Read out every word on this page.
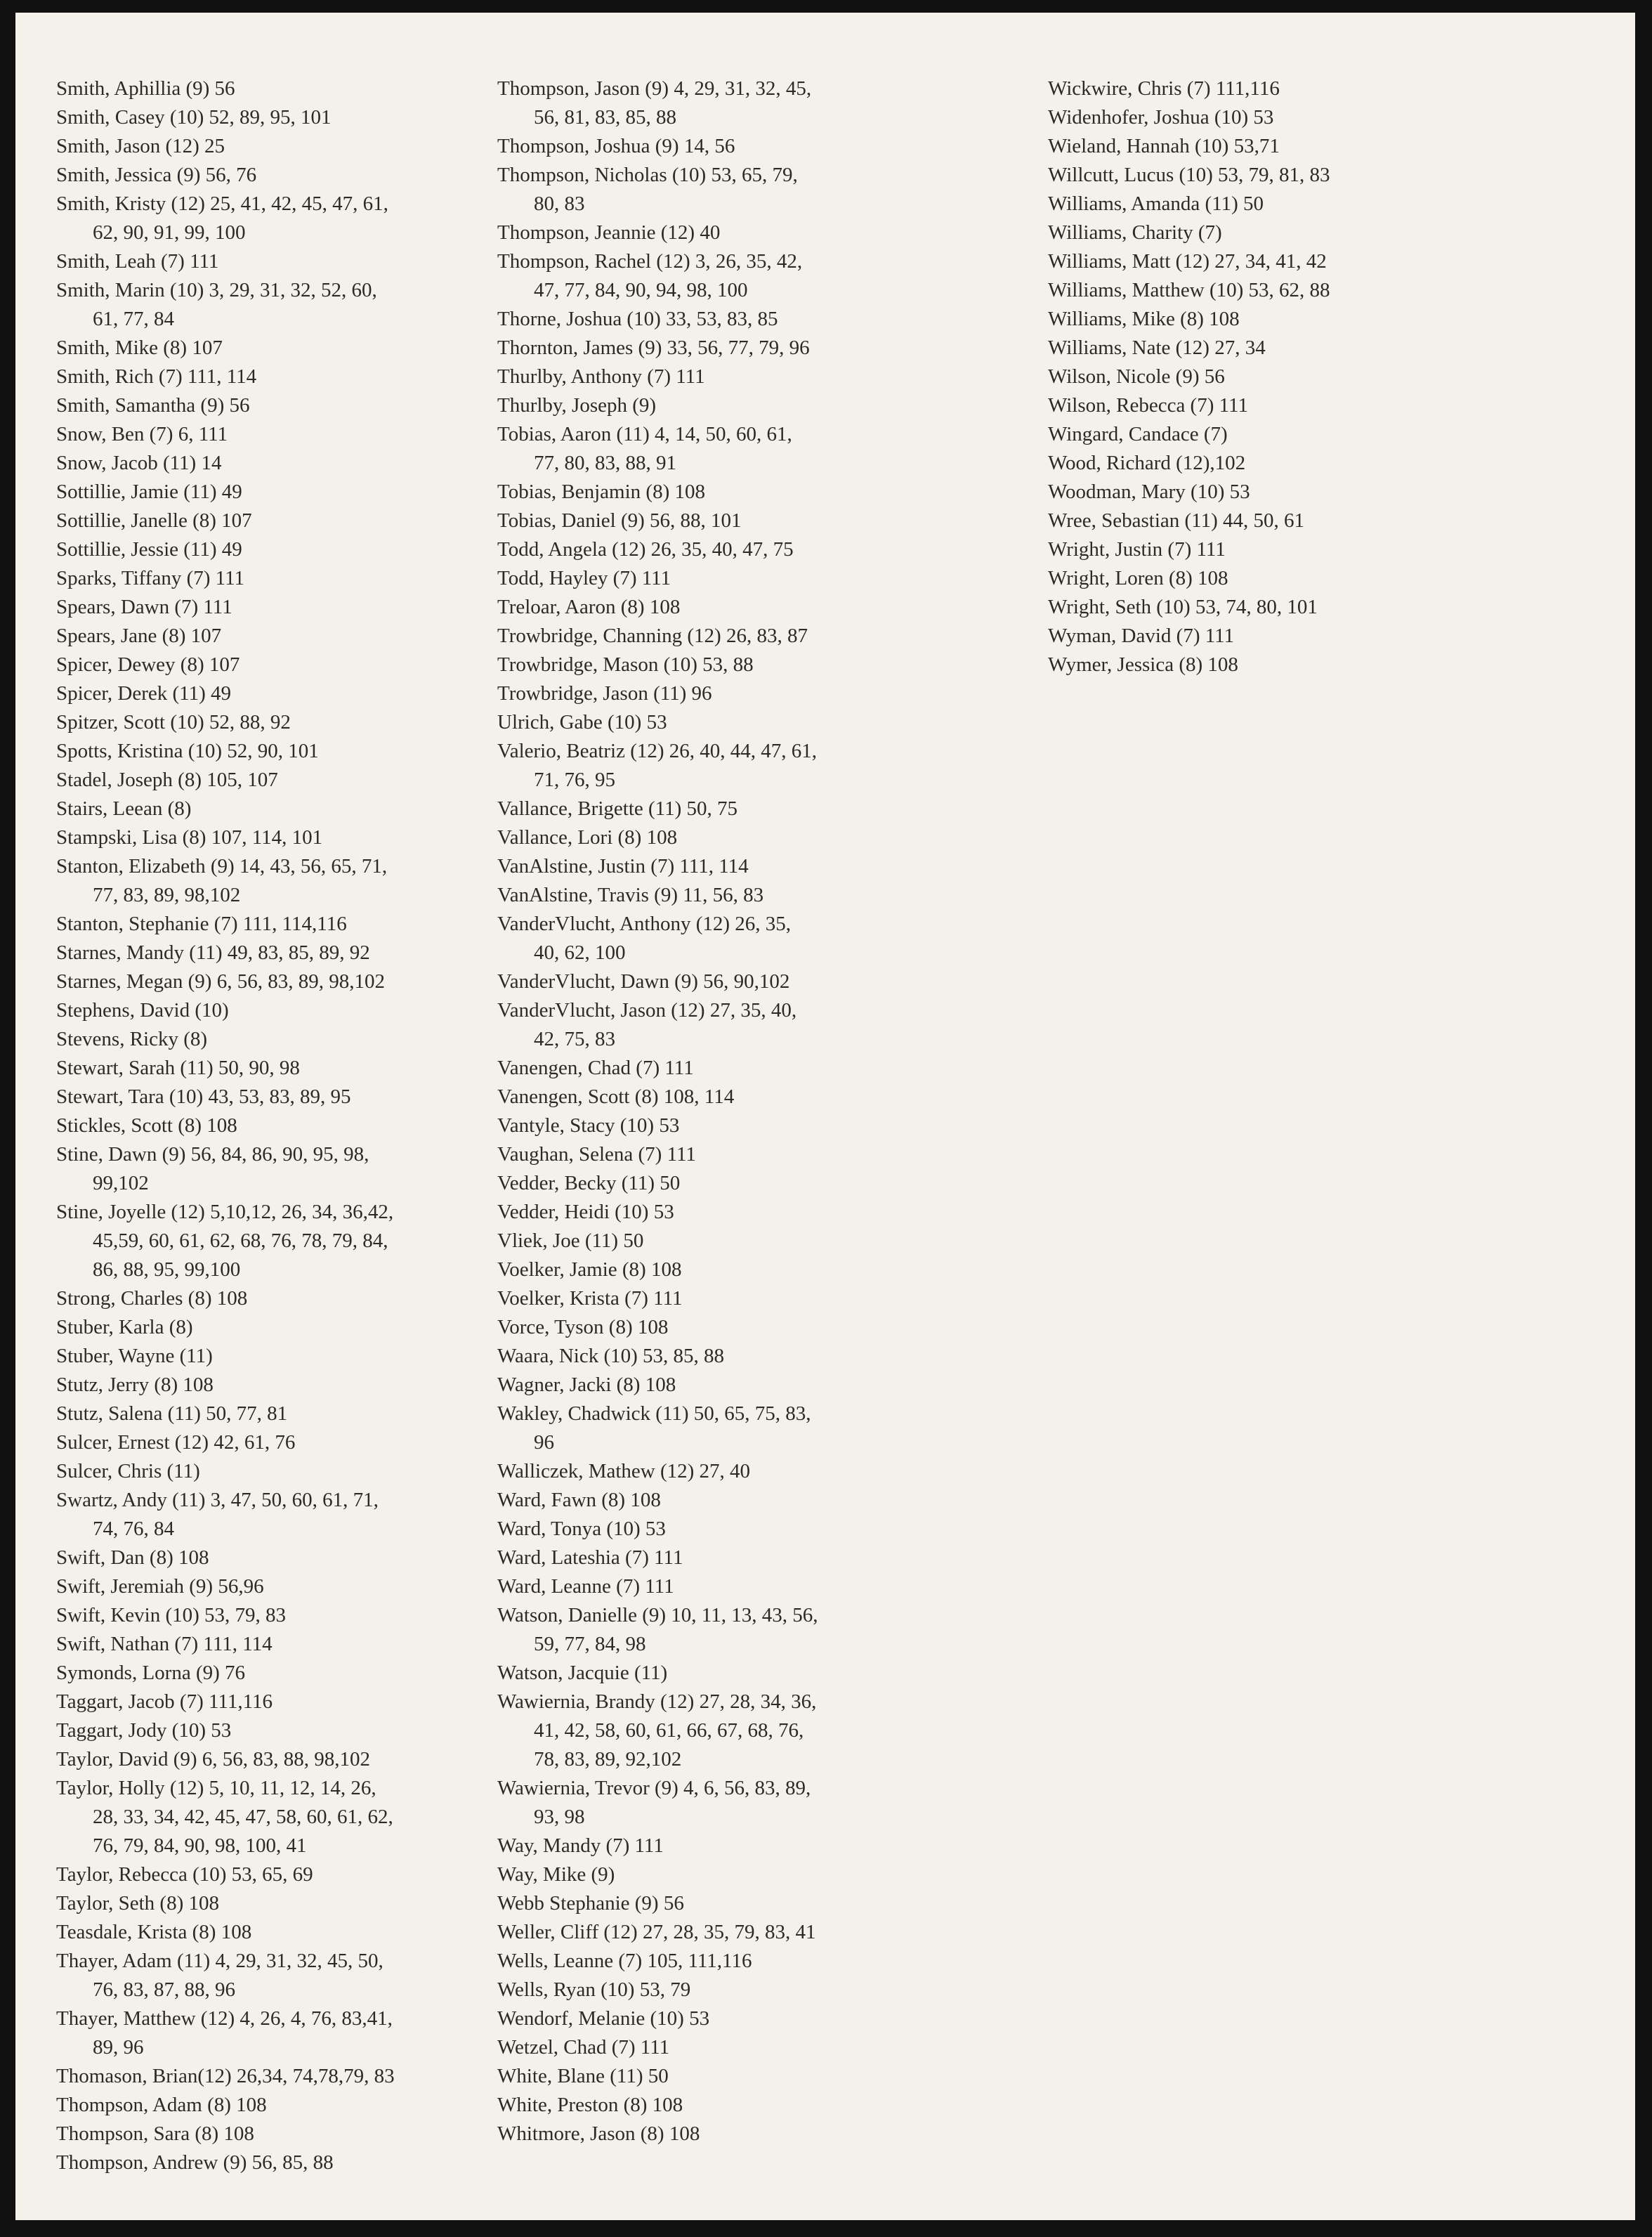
Smith, Aphillia (9) 56
Smith, Casey (10) 52, 89, 95, 101
Smith, Jason (12) 25
Smith, Jessica (9) 56, 76
Smith, Kristy (12) 25, 41, 42, 45, 47, 61,
62, 90, 91, 99, 100
Smith, Leah (7) 111
Smith, Marin (10) 3, 29, 31, 32, 52, 60,
61, 77, 84
Smith, Mike (8) 107
Smith, Rich (7) 111, 114
Smith, Samantha (9) 56
Snow, Ben (7) 6, 111
Snow, Jacob (11) 14
Sottillie, Jamie (11) 49
Sottillie, Janelle (8) 107
Sottillie, Jessie (11) 49
Sparks, Tiffany (7) 111
Spears, Dawn (7) 111
Spears, Jane (8) 107
Spicer, Dewey (8) 107
Spicer, Derek (11) 49
Spitzer, Scott (10) 52, 88, 92
Spotts, Kristina (10) 52, 90, 101
Stadel, Joseph (8) 105, 107
Stairs, Leean (8)
Stampski, Lisa (8) 107, 114, 101
Stanton, Elizabeth (9) 14, 43, 56, 65, 71,
77, 83, 89, 98,102
Stanton, Stephanie (7) 111, 114,116
Starnes, Mandy (11) 49, 83, 85, 89, 92
Starnes, Megan (9) 6, 56, 83, 89, 98,102
Stephens, David (10)
Stevens, Ricky (8)
Stewart, Sarah (11) 50, 90, 98
Stewart, Tara (10) 43, 53, 83, 89, 95
Stickles, Scott (8) 108
Stine, Dawn (9) 56, 84, 86, 90, 95, 98,
99,102
Stine, Joyelle (12) 5,10,12, 26, 34, 36,42,
45,59, 60, 61, 62, 68, 76, 78, 79, 84,
86, 88, 95, 99,100
Strong, Charles (8) 108
Stuber, Karla (8)
Stuber, Wayne (11)
Stutz, Jerry (8) 108
Stutz, Salena (11) 50, 77, 81
Sulcer, Ernest (12) 42, 61, 76
Sulcer, Chris (11)
Swartz, Andy (11) 3, 47, 50, 60, 61, 71,
74, 76, 84
Swift, Dan (8) 108
Swift, Jeremiah (9) 56,96
Swift, Kevin (10) 53, 79, 83
Swift, Nathan (7) 111, 114
Symonds, Lorna (9) 76
Taggart, Jacob (7) 111,116
Taggart, Jody (10) 53
Taylor, David (9) 6, 56, 83, 88, 98,102
Taylor, Holly (12) 5, 10, 11, 12, 14, 26,
28, 33, 34, 42, 45, 47, 58, 60, 61, 62,
76, 79, 84, 90, 98, 100, 41
Taylor, Rebecca (10) 53, 65, 69
Taylor, Seth (8) 108
Teasdale, Krista (8) 108
Thayer, Adam (11) 4, 29, 31, 32, 45, 50,
76, 83, 87, 88, 96
Thayer, Matthew (12) 4, 26, 4, 76, 83,41,
89, 96
Thomason, Brian(12) 26,34, 74,78,79, 83
Thompson, Adam (8) 108
Thompson, Sara (8) 108
Thompson, Andrew (9) 56, 85, 88
Thompson, Jason (9) 4, 29, 31, 32, 45,
56, 81, 83, 85, 88
Thompson, Joshua (9) 14, 56
Thompson, Nicholas (10) 53, 65, 79,
80, 83
Thompson, Jeannie (12) 40
Thompson, Rachel (12) 3, 26, 35, 42,
47, 77, 84, 90, 94, 98, 100
Thorne, Joshua (10) 33, 53, 83, 85
Thornton, James (9) 33, 56, 77, 79, 96
Thurlby, Anthony (7) 111
Thurlby, Joseph (9)
Tobias, Aaron (11) 4, 14, 50, 60, 61,
77, 80, 83, 88, 91
Tobias, Benjamin (8) 108
Tobias, Daniel (9) 56, 88, 101
Todd, Angela (12) 26, 35, 40, 47, 75
Todd, Hayley (7) 111
Treloar, Aaron (8) 108
Trowbridge, Channing (12) 26, 83, 87
Trowbridge, Mason (10) 53, 88
Trowbridge, Jason (11) 96
Ulrich, Gabe (10) 53
Valerio, Beatriz (12) 26, 40, 44, 47, 61,
71, 76, 95
Vallance, Brigette (11) 50, 75
Vallance, Lori (8) 108
VanAlstine, Justin (7) 111, 114
VanAlstine, Travis (9) 11, 56, 83
VanderVlucht, Anthony (12) 26, 35,
40, 62, 100
VanderVlucht, Dawn (9) 56, 90,102
VanderVlucht, Jason (12) 27, 35, 40,
42, 75, 83
Vanengen, Chad (7) 111
Vanengen, Scott (8) 108, 114
Vantyle, Stacy (10) 53
Vaughan, Selena (7) 111
Vedder, Becky (11) 50
Vedder, Heidi (10) 53
Vliek, Joe (11) 50
Voelker, Jamie (8) 108
Voelker, Krista (7) 111
Vorce, Tyson (8) 108
Waara, Nick (10) 53, 85, 88
Wagner, Jacki (8) 108
Wakley, Chadwick (11) 50, 65, 75, 83,
96
Walliczek, Mathew (12) 27, 40
Ward, Fawn (8) 108
Ward, Tonya (10) 53
Ward, Lateshia (7) 111
Ward, Leanne (7) 111
Watson, Danielle (9) 10, 11, 13, 43, 56,
59, 77, 84, 98
Watson, Jacquie (11)
Wawiernia, Brandy (12) 27, 28, 34, 36,
41, 42, 58, 60, 61, 66, 67, 68, 76,
78, 83, 89, 92,102
Wawiernia, Trevor (9) 4, 6, 56, 83, 89,
93, 98
Way, Mandy (7) 111
Way, Mike (9)
Webb Stephanie (9) 56
Weller, Cliff (12) 27, 28, 35, 79, 83, 41
Wells, Leanne (7) 105, 111,116
Wells, Ryan (10) 53, 79
Wendorf, Melanie (10) 53
Wetzel, Chad (7) 111
White, Blane (11) 50
White, Preston (8) 108
Whitmore, Jason (8) 108
Wickwire, Chris (7) 111,116
Widenhofer, Joshua (10) 53
Wieland, Hannah (10) 53,71
Willcutt, Lucus (10) 53, 79, 81, 83
Williams, Amanda (11) 50
Williams, Charity (7)
Williams, Matt (12) 27, 34, 41, 42
Williams, Matthew (10) 53, 62, 88
Williams, Mike (8) 108
Williams, Nate (12) 27, 34
Wilson, Nicole (9) 56
Wilson, Rebecca (7) 111
Wingard, Candace (7)
Wood, Richard (12),102
Woodman, Mary (10) 53
Wree, Sebastian (11) 44, 50, 61
Wright, Justin (7) 111
Wright, Loren (8) 108
Wright, Seth (10) 53, 74, 80, 101
Wyman, David (7) 111
Wymer, Jessica (8) 108
